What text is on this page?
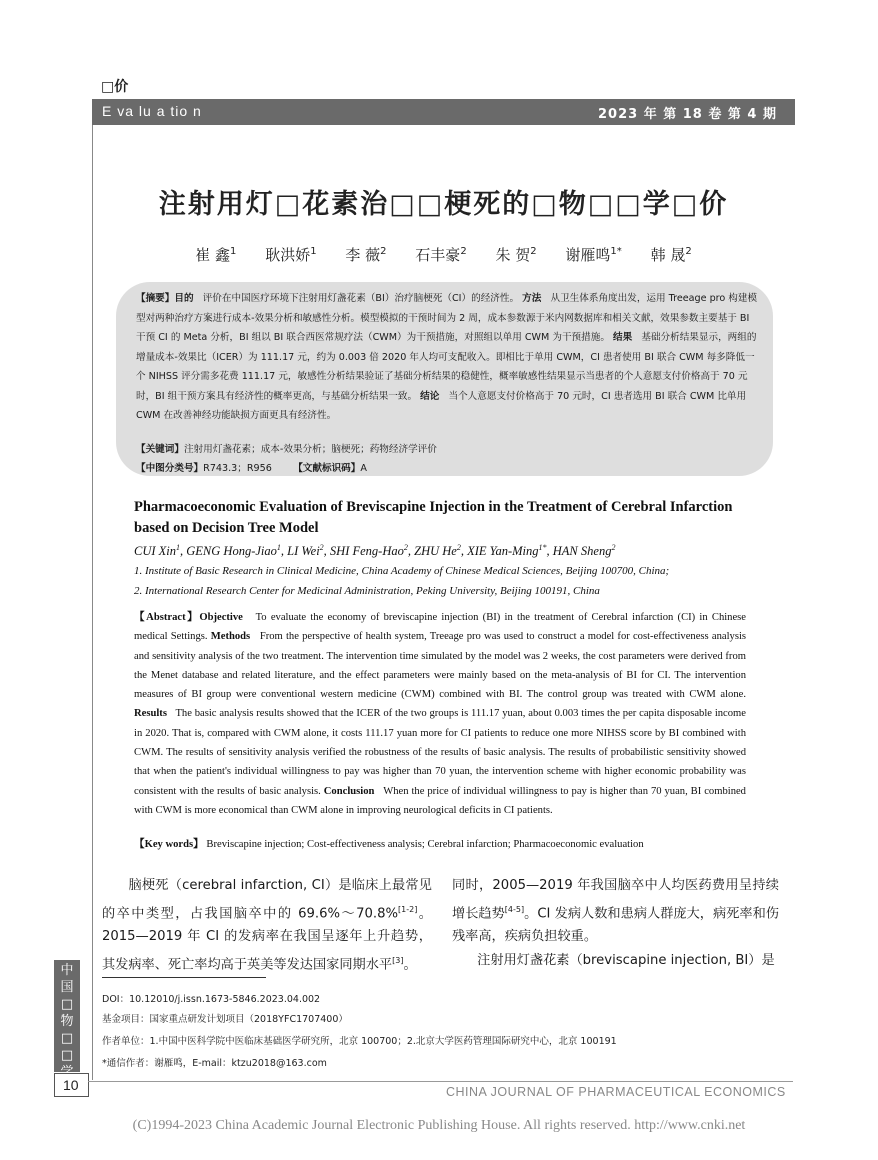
□价
E va lu a tio n	2023 年 第 18 卷 第 4 期
注射用灯□花素治□□梗死的□物□□学□价
崔 鑫$^1$ 耿洪娇$^1$ 李 薇$^2$ 石丰豪$^2$ 朱 贺$^2$ 谢雁鸣$^{1*}$ 韩 晟$^2$
【摘要】目的 评价在中国医疗环境下注射用灯盏花素（BI）治疗脑梗死（CI）的经济性。 方法 从卫生体系角度出发，运用 Treeage pro 构建模型对两种治疗方案进行成本-效果分析和敏感性分析。模型模拟的干预时间为 2 周，成本参数源于米内网数据库和相关文献，效果参数主要基于 BI 干预 CI 的 Meta 分析，BI 组以 BI 联合西医常规疗法（CWM）为干预措施，对照组以单用 CWM 为干预措施。 结果 基础分析结果显示，两组的增量成本-效果比（ICER）为 111.17 元，约为 0.003 倍 2020 年人均可支配收入。即相比于单用 CWM，CI 患者使用 BI 联合 CWM 每多降低一个 NIHSS 评分需多花费 111.17 元，敏感性分析结果验证了基础分析结果的稳健性，概率敏感性结果显示当患者的个人意愿支付价格高于 70 元时，BI 组干预方案具有经济性的概率更高，与基础分析结果一致。 结论 当个人意愿支付价格高于 70 元时，CI 患者选用 BI 联合 CWM 比单用 CWM 在改善神经功能缺损方面更具有经济性。
【关键词】注射用灯盏花素；成本-效果分析；脑梗死；药物经济学评价
【中图分类号】R743.3；R956 【文献标识码】A
Pharmacoeconomic Evaluation of Breviscapine Injection in the Treatment of Cerebral Infarction
based on Decision Tree Model
CUI Xin$^1$, GENG Hong-Jiao$^1$, LI Wei$^2$, SHI Feng-Hao$^2$, ZHU He$^2$, XIE Yan-Ming$^{1*}$, HAN Sheng$^2$
1. Institute of Basic Research in Clinical Medicine, China Academy of Chinese Medical Sciences, Beijing 100700, China;
2. International Research Center for Medicinal Administration, Peking University, Beijing 100191, China
【Abstract】Objective To evaluate the economy of breviscapine injection (BI) in the treatment of Cerebral infarction (CI) in Chinese medical Settings. Methods From the perspective of health system, Treeage pro was used to construct a model for cost-effectiveness analysis and sensitivity analysis of the two treatment. The intervention time simulated by the model was 2 weeks, the cost parameters were derived from the Menet database and related literature, and the effect parameters were mainly based on the meta-analysis of BI for CI. The intervention measures of BI group were conventional western medicine (CWM) combined with BI. The control group was treated with CWM alone. Results The basic analysis results showed that the ICER of the two groups is 111.17 yuan, about 0.003 times the per capita disposable income in 2020. That is, compared with CWM alone, it costs 111.17 yuan more for CI patients to reduce one more NIHSS score by BI combined with CWM. The results of sensitivity analysis verified the robustness of the results of basic analysis. The results of probabilistic sensitivity showed that when the patient's individual willingness to pay was higher than 70 yuan, the intervention scheme with higher economic probability was consistent with the results of basic analysis. Conclusion When the price of individual willingness to pay is higher than 70 yuan, BI combined with CWM is more economical than CWM alone in improving neurological deficits in CI patients.
【Key words】 Breviscapine injection; Cost-effectiveness analysis; Cerebral infarction; Pharmacoeconomic evaluation
脑梗死（cerebral infarction, CI）是临床上最常见的卒中类型，占我国脑卒中的 69.6%～70.8%[1-2]。2015—2019 年 CI 的发病率在我国呈逐年上升趋势，其发病率、死亡率均高于英美等发达国家同期水平[3]。
同时，2005—2019 年我国脑卒中人均医药费用呈持续增长趋势[4-5]。CI 发病人数和患病人群庞大，病死率和伤残率高，疾病负担较重。
注射用灯盏花素（breviscapine injection, BI）是
DOI：10.12010/j.issn.1673-5846.2023.04.002
基金项目：国家重点研发计划项目（2018YFC1707400）
作者单位：1.中国中医科学院中医临床基础医学研究所，北京 100700；2.北京大学医药管理国际研究中心，北京 100191
*通信作者：谢雁鸣，E-mail：ktzu2018@163.com
中
国
□
物
□
□

10	CHINA JOURNAL OF PHARMACEUTICAL ECONOMICS
(C)1994-2023 China Academic Journal Electronic Publishing House. All rights reserved. http://www.cnki.net
